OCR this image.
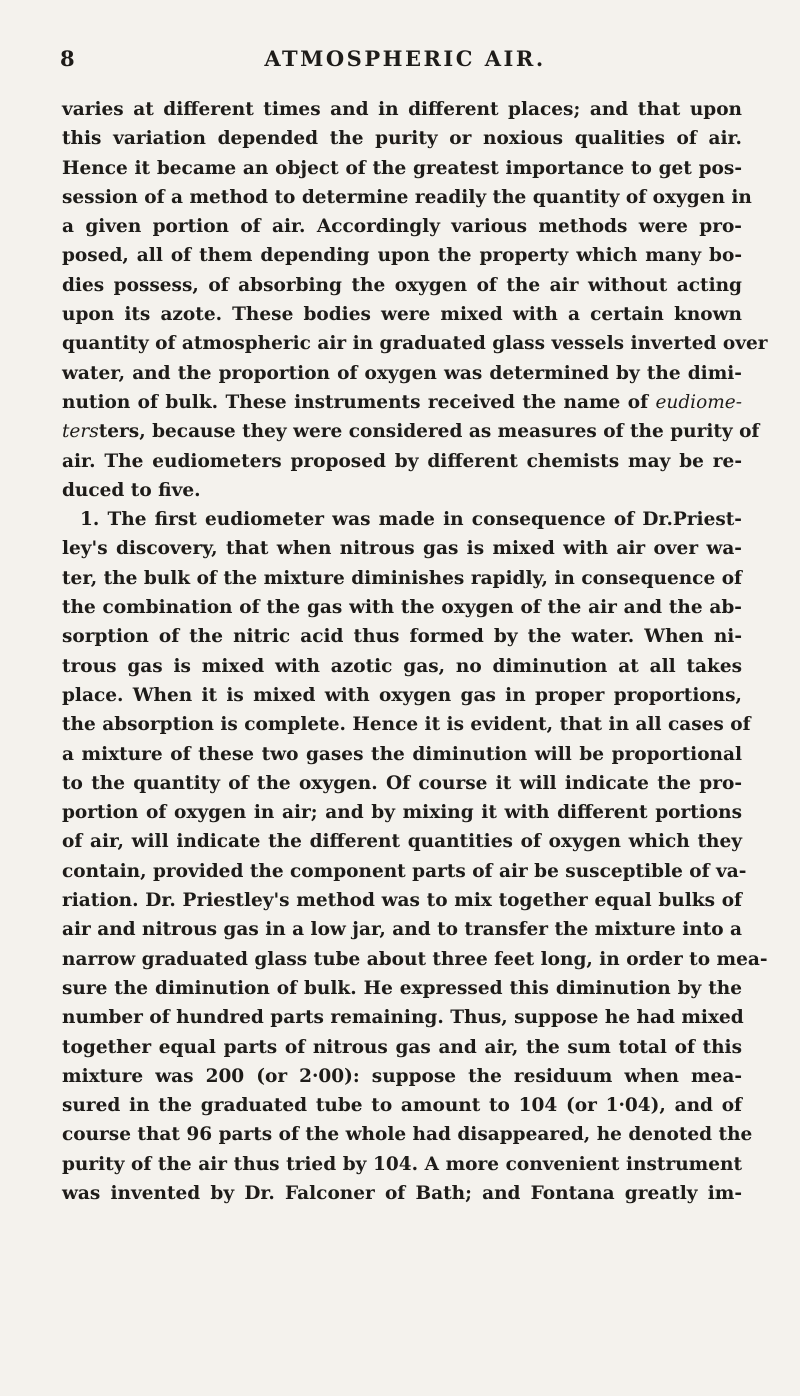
8	ATMOSPHERIC AIR.
varies at different times and in different places; and that upon
this variation depended the purity or noxious qualities of air.
Hence it became an object of the greatest importance to get pos-
session of a method to determine readily the quantity of oxygen in
a given portion of air. Accordingly various methods were pro-
posed, all of them depending upon the property which many bo-
dies possess, of absorbing the oxygen of the air without acting
upon its azote. These bodies were mixed with a certain known
quantity of atmospheric air in graduated glass vessels inverted over
water, and the proportion of oxygen was determined by the dimi-
nution of bulk. These instruments received the name of eudiome-
tersters, because they were considered as measures of the purity of
air. The eudiometers proposed by different chemists may be re-
duced to five.
1. The first eudiometer was made in consequence of Dr.Priest-
ley's discovery, that when nitrous gas is mixed with air over wa-
ter, the bulk of the mixture diminishes rapidly, in consequence of
the combination of the gas with the oxygen of the air and the ab-
sorption of the nitric acid thus formed by the water. When ni-
trous gas is mixed with azotic gas, no diminution at all takes
place. When it is mixed with oxygen gas in proper proportions,
the absorption is complete. Hence it is evident, that in all cases of
a mixture of these two gases the diminution will be proportional
to the quantity of the oxygen. Of course it will indicate the pro-
portion of oxygen in air; and by mixing it with different portions
of air, will indicate the different quantities of oxygen which they
contain, provided the component parts of air be susceptible of va-
riation. Dr. Priestley's method was to mix together equal bulks of
air and nitrous gas in a low jar, and to transfer the mixture into a
narrow graduated glass tube about three feet long, in order to mea-
sure the diminution of bulk. He expressed this diminution by the
number of hundred parts remaining. Thus, suppose he had mixed
together equal parts of nitrous gas and air, the sum total of this
mixture was 200 (or 2·00): suppose the residuum when mea-
sured in the graduated tube to amount to 104 (or 1·04), and of
course that 96 parts of the whole had disappeared, he denoted the
purity of the air thus tried by 104. A more convenient instrument
was invented by Dr. Falconer of Bath; and Fontana greatly im-
